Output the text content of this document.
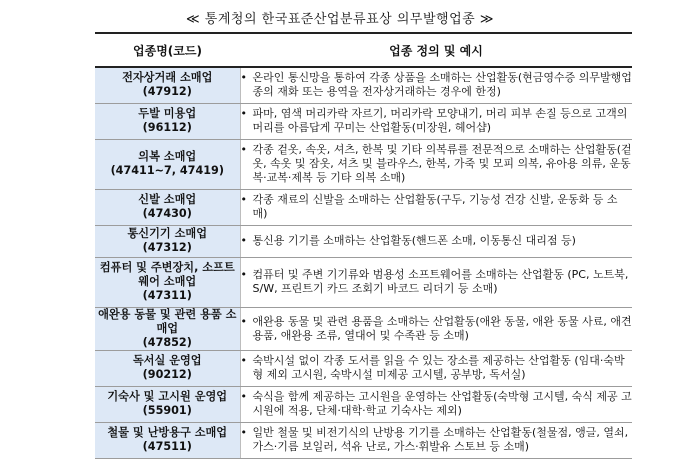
≪ 통계청의 한국표준산업분류표상 의무발행업종 ≫
업종명(코드)	업종 정의 및 예시

전자상거래 소매업
(47912)	• 온라인 통신망을 통하여 각종 상품을 소매하는 산업활동(현금영수증 의무발행업종의 재화 또는 용역을 전자상거래하는 경우에 한정)

두발 미용업
(96112)	• 파마, 염색 머리카락 자르기, 머리카락 모양내기, 머리 피부 손질 등으로 고객의 머리를 아름답게 꾸미는 산업활동(미장원, 헤어샵)

의복 소매업
(47411~7, 47419)	• 각종 겉옷, 속옷, 셔츠, 한복 및 기타 의복류를 전문적으로 소매하는 산업활동(겉옷, 속옷 및 잠옷, 셔츠 및 블라우스, 한복, 가죽 및 모피 의복, 유아용 의류, 운동복·교복·제복 등 기타 의복 소매)

신발 소매업
(47430)	• 각종 재료의 신발을 소매하는 산업활동(구두, 기능성 건강 신발, 운동화 등 소매)

통신기기 소매업
(47312)	• 통신용 기기를 소매하는 산업활동(핸드폰 소매, 이동통신 대리점 등)

컴퓨터 및 주변장치, 소프트웨어 소매업
(47311)	• 컴퓨터 및 주변 기기류와 범용성 소프트웨어를 소매하는 산업활동 (PC, 노트북, S/W, 프린트기 카드 조회기 바코드 리더기 등 소매)

애완용 동물 및 관련 용품 소매업
(47852)	• 애완용 동물 및 관련 용품을 소매하는 산업활동(애완 동물, 애완 동물 사료, 애견 용품, 애완용 조류, 열대어 및 수족관 등 소매)

독서실 운영업
(90212)	• 숙박시설 없이 각종 도서를 읽을 수 있는 장소를 제공하는 산업활동 (임대·숙박형 제외 고시원, 숙박시설 미제공 고시텔, 공부방, 독서실)

기숙사 및 고시원 운영업
(55901)	• 숙식을 함께 제공하는 고시원을 운영하는 산업활동(숙박형 고시텔, 숙식 제공 고시원에 적용, 단체·대학·학교 기숙사는 제외)

철물 및 난방용구 소매업
(47511)	• 일반 철물 및 비전기식의 난방용 기기를 소매하는 산업활동(철물점, 앵글, 열쇠, 가스·기름 보일러, 석유 난로, 가스·휘발유 스토브 등 소매)
